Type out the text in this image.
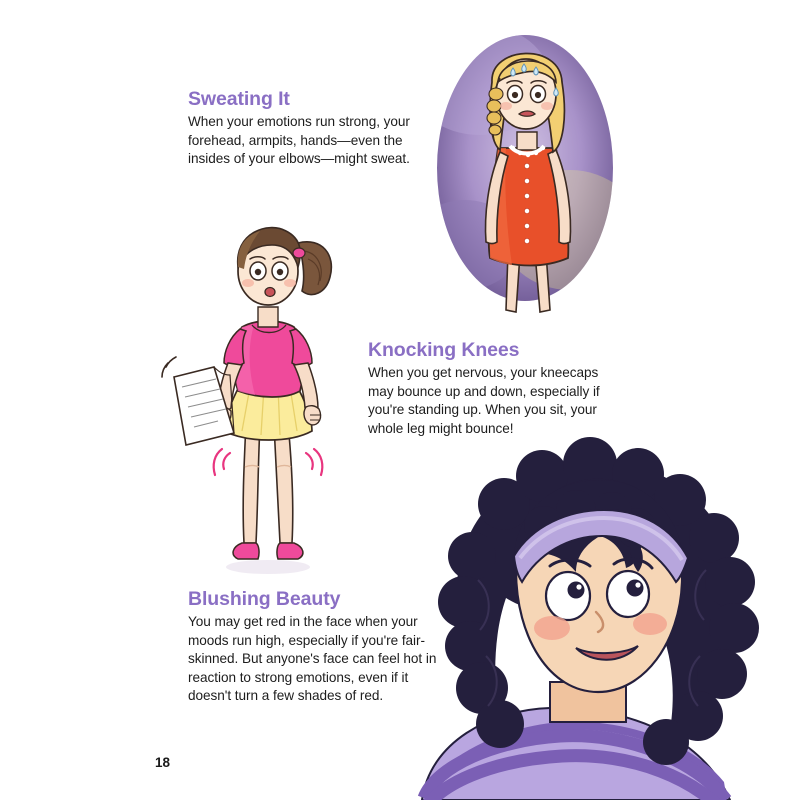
Sweating It

When your emotions run strong, your forehead, armpits, hands—even the insides of your elbows—might sweat.

Knocking Knees

When you get nervous, your kneecaps may bounce up and down, especially if you're standing up. When you sit, your whole leg might bounce!

Blushing Beauty

You may get red in the face when your moods run high, especially if you're fair-skinned. But anyone's face can feel hot in reaction to strong emotions, even if it doesn't turn a few shades of red.

18
